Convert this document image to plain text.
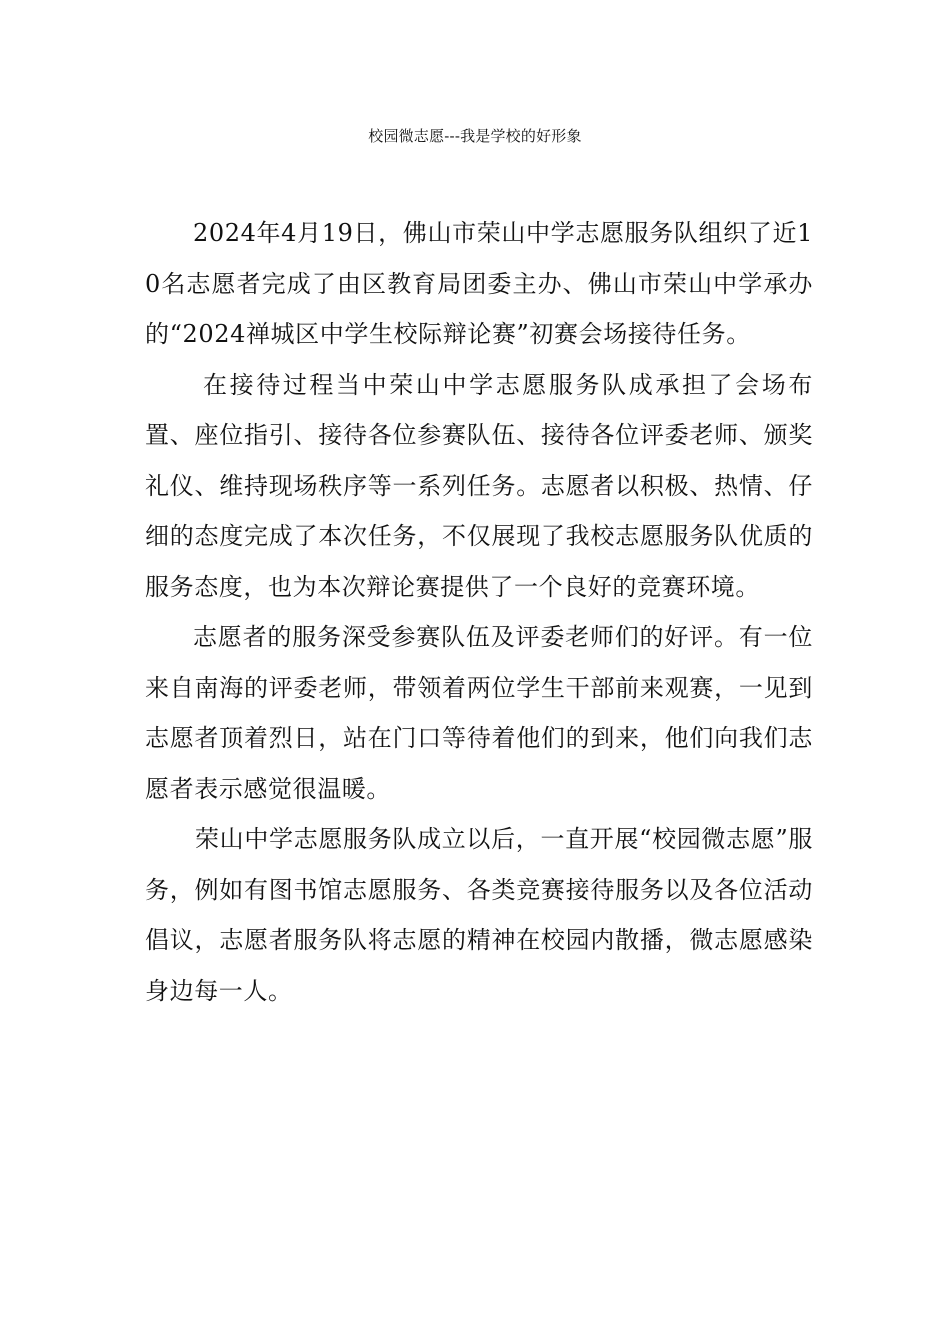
校园微志愿---我是学校的好形象

2024年4月19日，佛山市荣山中学志愿服务队组织了近10名志愿者完成了由区教育局团委主办、佛山市荣山中学承办的“2024禅城区中学生校际辩论赛”初赛会场接待任务。

在接待过程当中荣山中学志愿服务队成承担了会场布置、座位指引、接待各位参赛队伍、接待各位评委老师、颁奖礼仪、维持现场秩序等一系列任务。志愿者以积极、热情、仔细的态度完成了本次任务，不仅展现了我校志愿服务队优质的服务态度，也为本次辩论赛提供了一个良好的竞赛环境。

志愿者的服务深受参赛队伍及评委老师们的好评。有一位来自南海的评委老师，带领着两位学生干部前来观赛，一见到志愿者顶着烈日，站在门口等待着他们的到来，他们向我们志愿者表示感觉很温暖。

荣山中学志愿服务队成立以后，一直开展“校园微志愿”服务，例如有图书馆志愿服务、各类竞赛接待服务以及各位活动倡议，志愿者服务队将志愿的精神在校园内散播，微志愿感染身边每一人。
